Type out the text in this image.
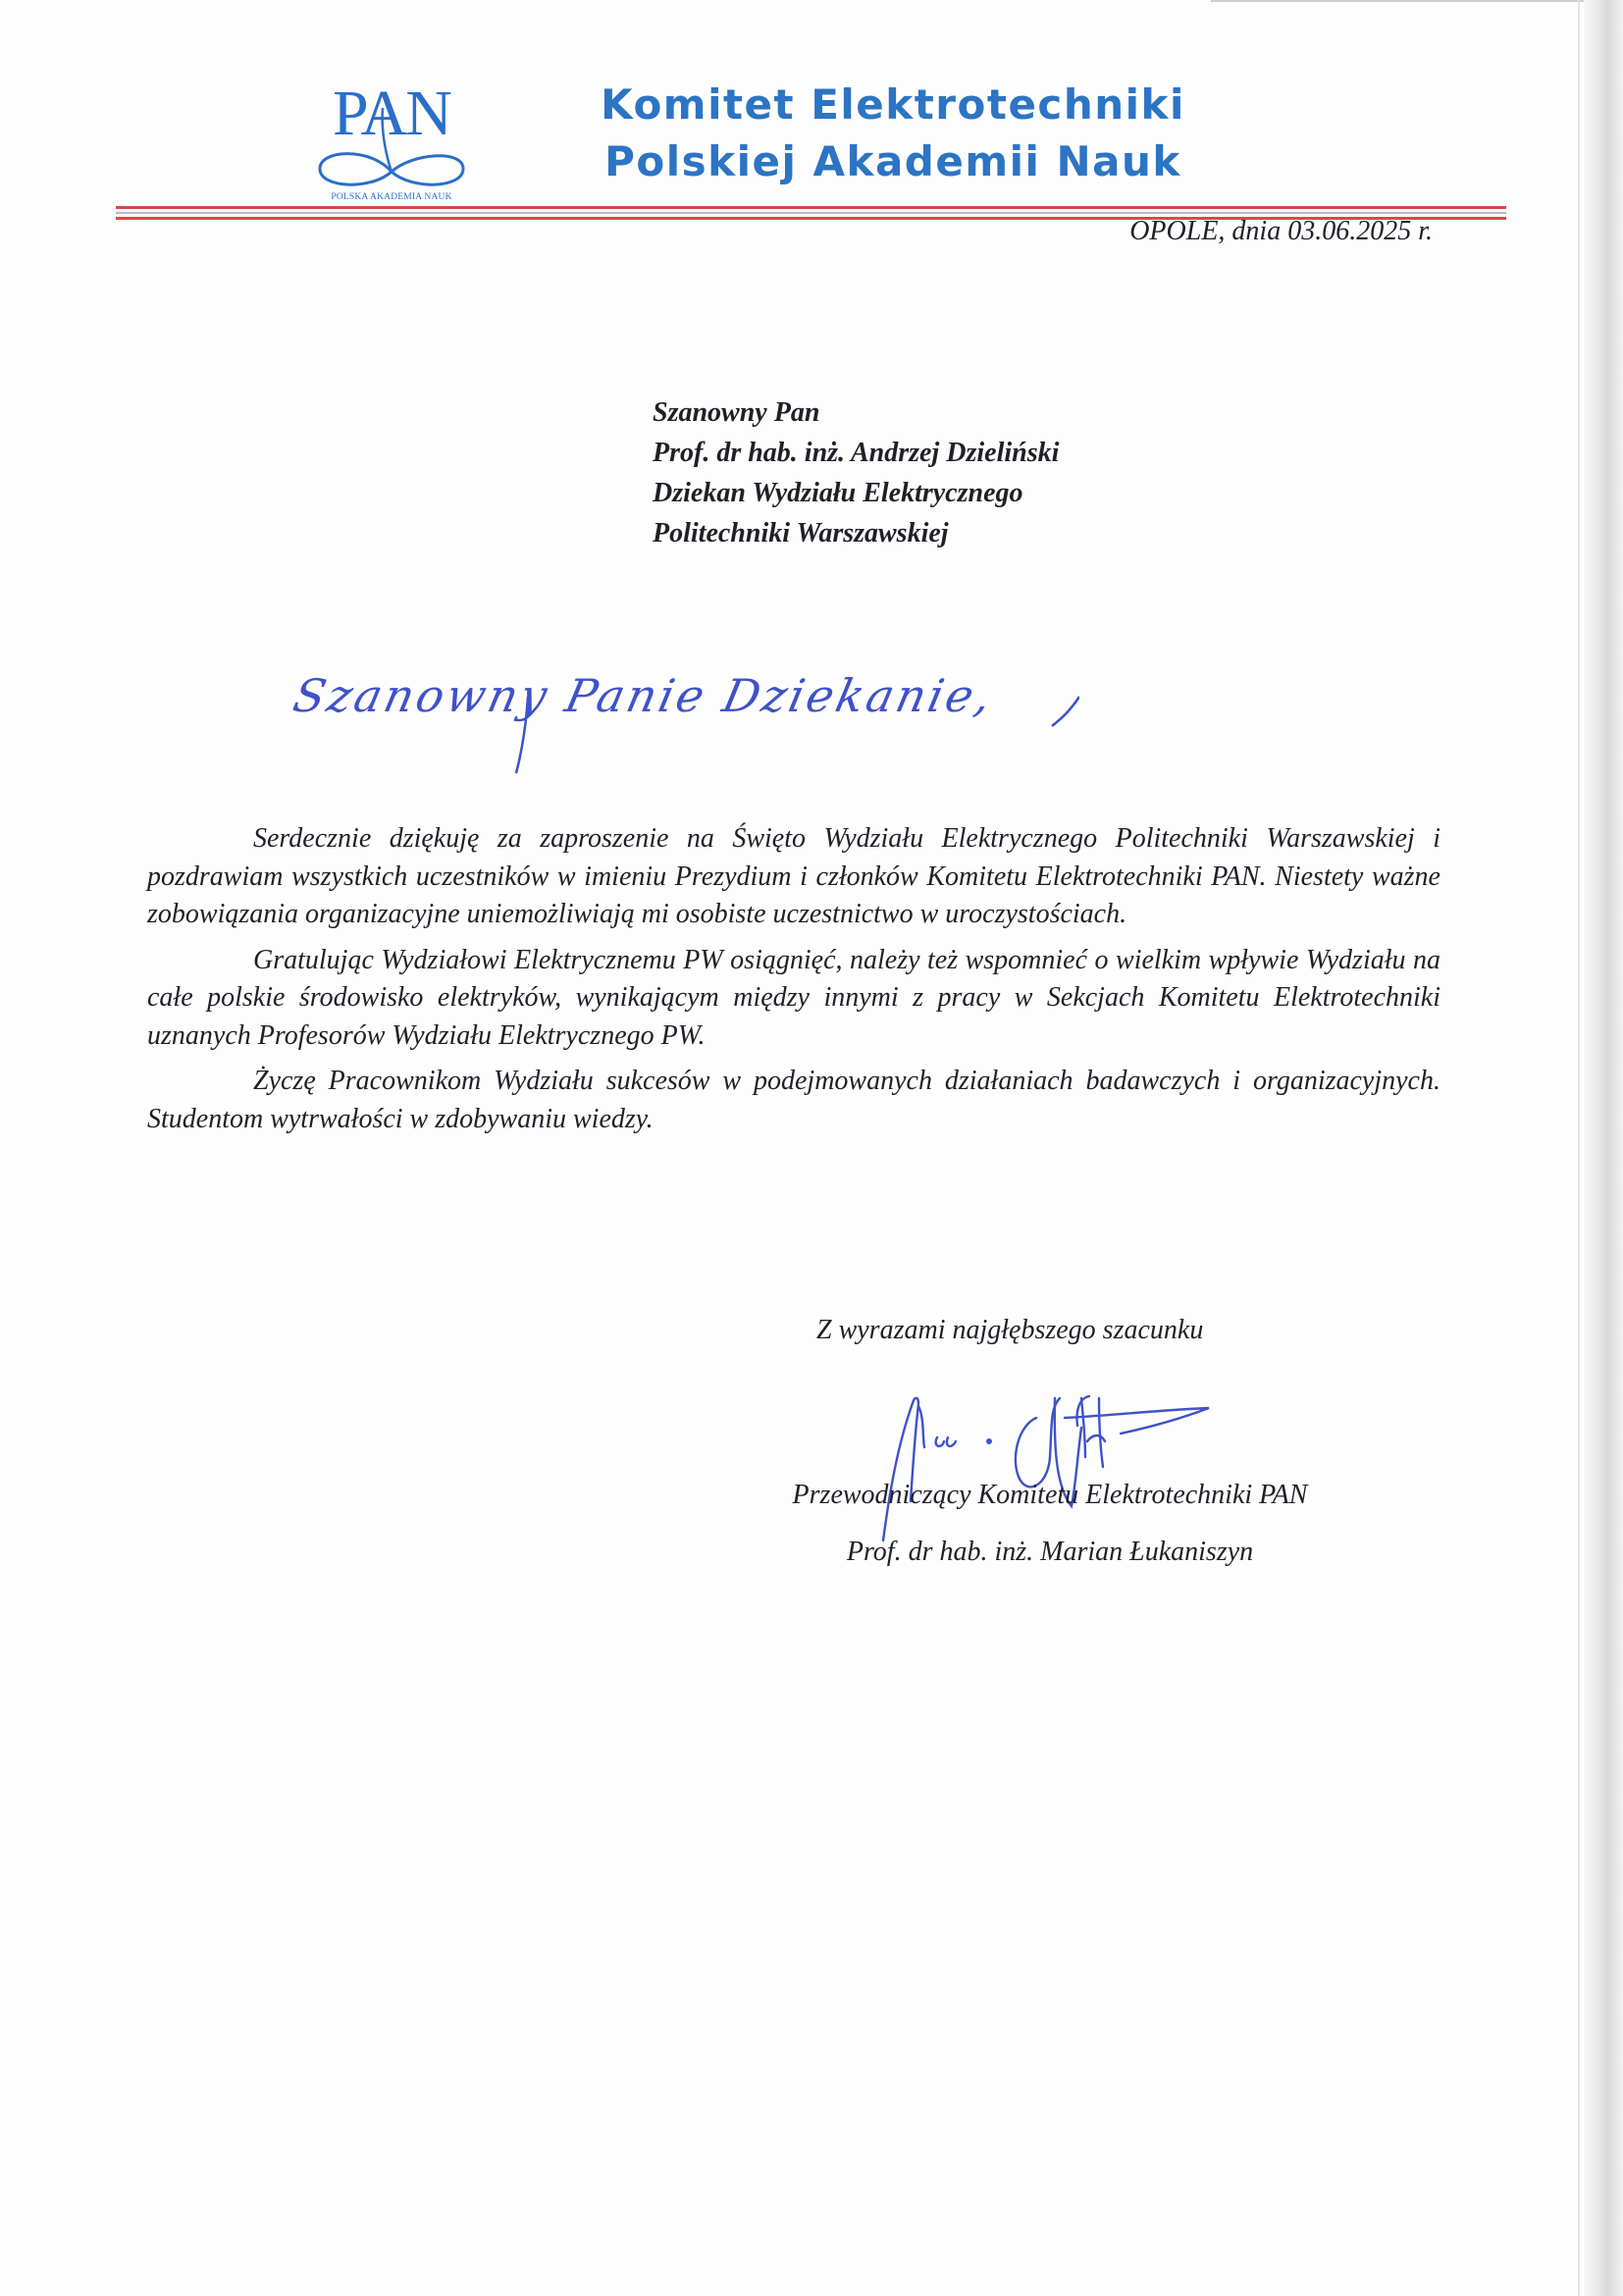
PAN
POLSKA AKADEMIA NAUK
Komitet Elektrotechniki
Polskiej Akademii Nauk
OPOLE, dnia 03.06.2025 r.
Szanowny Pan
Prof. dr hab. inż. Andrzej Dzieliński
Dziekan Wydziału Elektrycznego
Politechniki Warszawskiej
Szanowny Panie Dziekanie,

Serdecznie dziękuję za zaproszenie na Święto Wydziału Elektrycznego Politechniki Warszawskiej i pozdrawiam wszystkich uczestników w imieniu Prezydium i członków Komitetu Elektrotechniki PAN. Niestety ważne zobowiązania organizacyjne uniemożliwiają mi osobiste uczestnictwo w uroczystościach.

Gratulując Wydziałowi Elektrycznemu PW osiągnięć, należy też wspomnieć o wielkim wpływie Wydziału na całe polskie środowisko elektryków, wynikającym między innymi z pracy w Sekcjach Komitetu Elektrotechniki uznanych Profesorów Wydziału Elektrycznego PW.

Życzę Pracownikom Wydziału sukcesów w podejmowanych działaniach badawczych i organizacyjnych. Studentom wytrwałości w zdobywaniu wiedzy.

Z wyrazami najgłębszego szacunku
Przewodniczący Komitetu Elektrotechniki PAN
Prof. dr hab. inż. Marian Łukaniszyn
